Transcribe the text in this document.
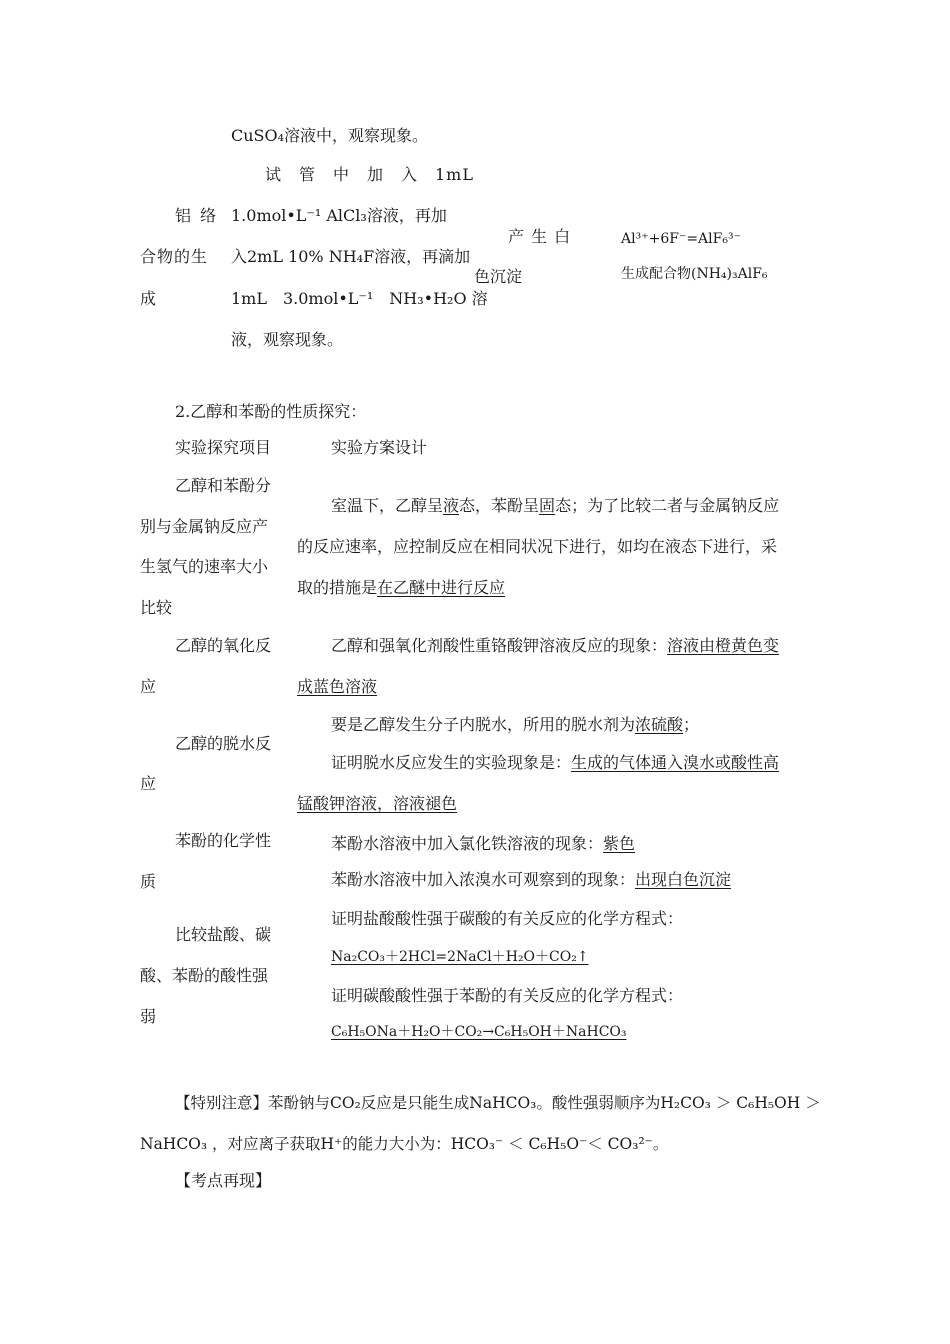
CuSO₄溶液中，观察现象。
铝 络
合物的生
成
试　管　中　加　入　1mL
1.0mol•L⁻¹ AlCl₃溶液，再加
入2mL 10% NH₄F溶液，再滴加
1mL　3.0mol•L⁻¹　NH₃•H₂O 溶
液，观察现象。
产 生 白
色沉淀
Al³⁺+6F⁻=AlF₆³⁻
生成配合物(NH₄)₃AlF₆
2.乙醇和苯酚的性质探究：
实验探究项目	实验方案设计
乙醇和苯酚分
别与金属钠反应产
生氢气的速率大小
比较
室温下，乙醇呈液态，苯酚呈固态；为了比较二者与金属钠反应
的反应速率，应控制反应在相同状况下进行，如均在液态下进行，采
取的措施是在乙醚中进行反应
乙醇的氧化反
应
乙醇和强氧化剂酸性重铬酸钾溶液反应的现象：溶液由橙黄色变
成蓝色溶液
乙醇的脱水反
应
要是乙醇发生分子内脱水，所用的脱水剂为浓硫酸；
证明脱水反应发生的实验现象是：生成的气体通入溴水或酸性高
锰酸钾溶液，溶液褪色
苯酚的化学性
质
苯酚水溶液中加入氯化铁溶液的现象：紫色
苯酚水溶液中加入浓溴水可观察到的现象：出现白色沉淀
比较盐酸、碳
酸、苯酚的酸性强
弱
证明盐酸酸性强于碳酸的有关反应的化学方程式：
Na₂CO₃＋2HCl=2NaCl＋H₂O＋CO₂↑
证明碳酸酸性强于苯酚的有关反应的化学方程式：
C₆H₅ONa＋H₂O＋CO₂→C₆H₅OH＋NaHCO₃
【特别注意】苯酚钠与CO₂反应是只能生成NaHCO₃。酸性强弱顺序为H₂CO₃ ＞ C₆H₅OH ＞
NaHCO₃ ，对应离子获取H⁺的能力大小为：HCO₃⁻ ＜ C₆H₅O⁻＜ CO₃²⁻。
【考点再现】
